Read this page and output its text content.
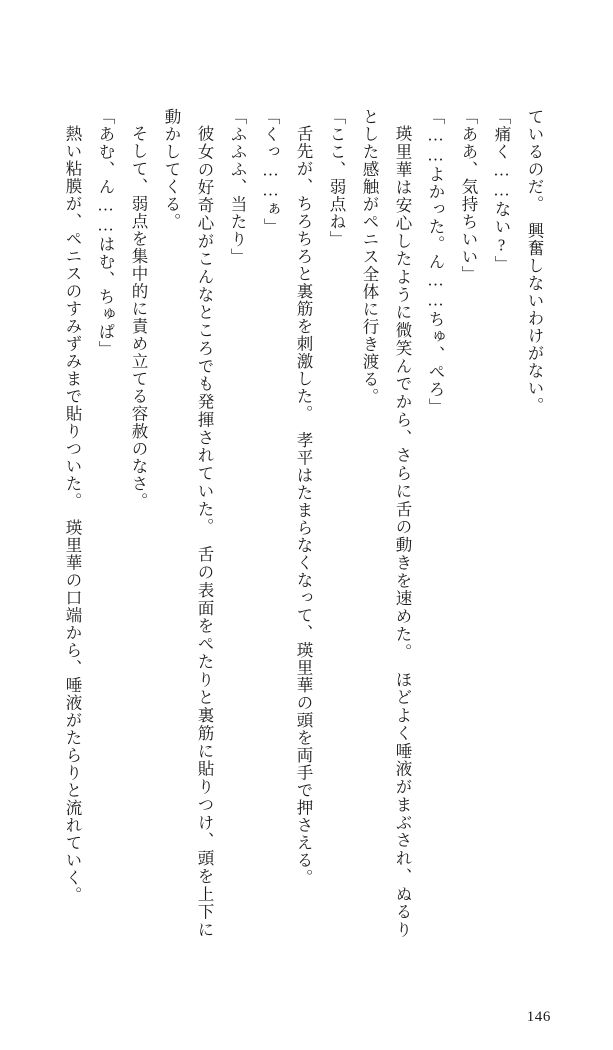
ているのだ。　興奮しないわけがない。

「痛く……ない?」

「ああ、気持ちいい」

「……よかった。ん……ちゅ、ぺろ」

瑛里華は安心したように微笑んでから、さらに舌の動きを速めた。　ほどよく唾液がまぶされ、ぬるりとした感触がペニス全体に行き渡る。

「ここ、弱点ね」

舌先が、ちろちろと裏筋を刺激した。　孝平はたまらなくなって、瑛里華の頭を両手で押さえる。

「くっ……ぁ」

「ふふふ、当たり」

彼女の好奇心がこんなところでも発揮されていた。　舌の表面をぺたりと裏筋に貼りつけ、頭を上下に動かしてくる。

そして、弱点を集中的に責め立てる容赦のなさ。

「あむ、ん……はむ、ちゅぱ」

熱い粘膜が、ペニスのすみずみまで貼りついた。　瑛里華の口端から、唾液がたらりと流れていく。

146
